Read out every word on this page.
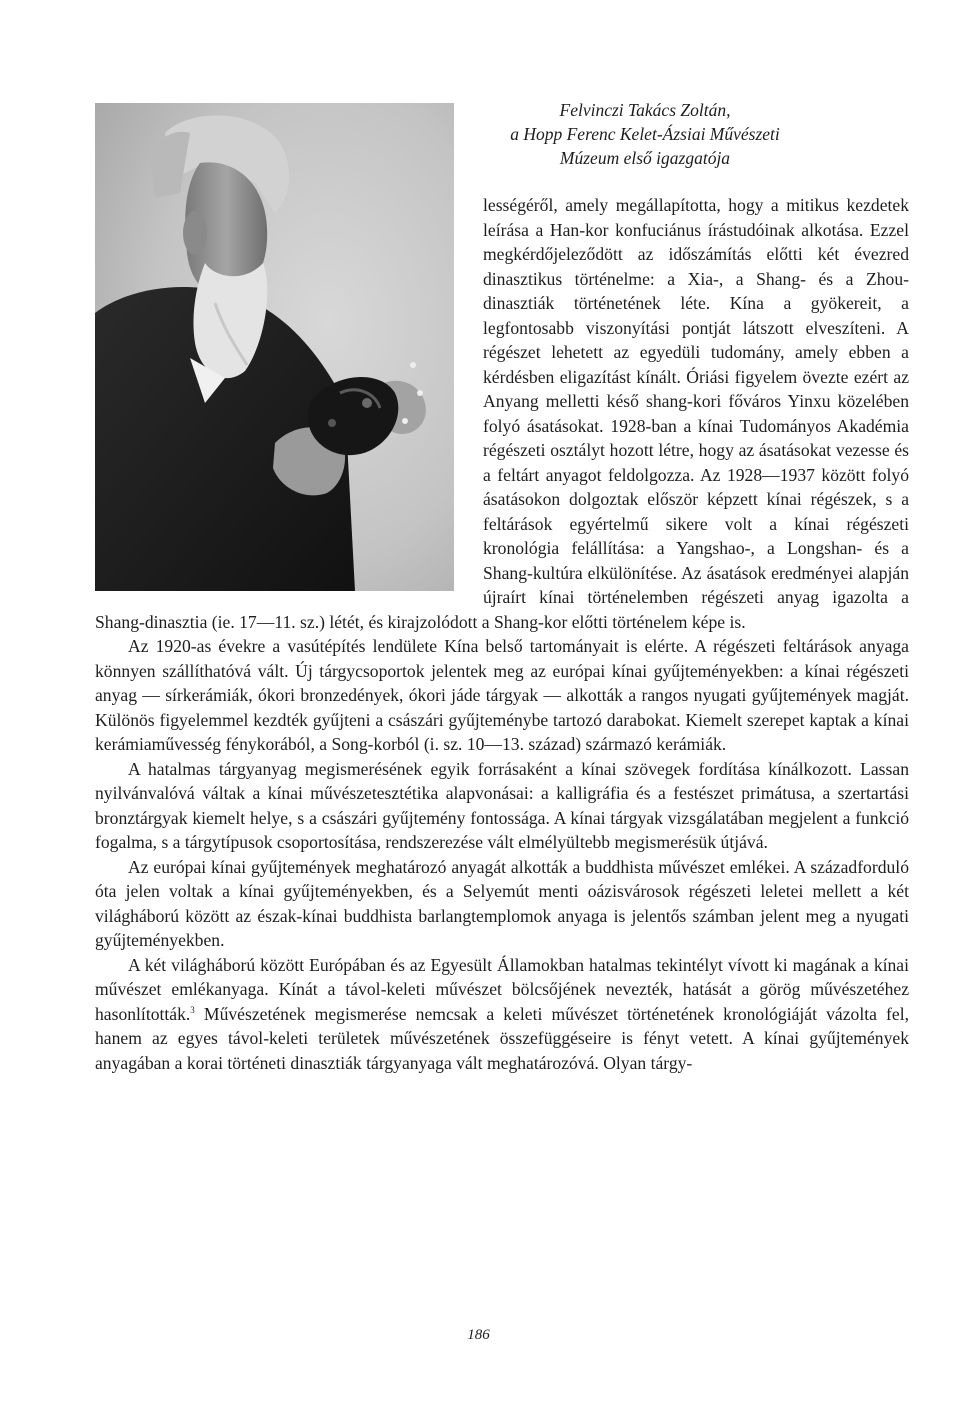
Felvinczi Takács Zoltán,
a Hopp Ferenc Kelet-Ázsiai Művészeti
Múzeum első igazgatója

lességéről, amely megállapította, hogy a mitikus kezdetek leírása a Han-kor konfuciánus írástudóinak alkotása. Ezzel megkérdőjeleződött az időszámítás előtti két évezred dinasztikus történelme: a Xia-, a Shang- és a Zhou-dinasztiák történetének léte. Kína a gyökereit, a legfontosabb viszonyítási pontját látszott elveszíteni. A régészet lehetett az egyedüli tudomány, amely ebben a kérdésben eligazítást kínált. Óriási figyelem övezte ezért az Anyang melletti késő shang-kori főváros Yinxu közelében folyó ásatásokat. 1928-ban a kínai Tudományos Akadémia régészeti osztályt hozott létre, hogy az ásatásokat vezesse és a feltárt anyagot feldolgozza. Az 1928—1937 között folyó ásatásokon dolgoztak először képzett kínai régészek, s a feltárások egyértelmű sikere volt a kínai régészeti kronológia felállítása: a Yangshao-, a Longshan- és a Shang-kultúra elkülönítése. Az ásatások eredményei alapján újraírt kínai történelemben régészeti anyag igazolta a Shang-dinasztia (ie. 17—11. sz.) létét, és kirajzolódott a Shang-kor előtti történelem képe is.

Az 1920-as évekre a vasútépítés lendülete Kína belső tartományait is elérte. A régészeti feltárások anyaga könnyen szállíthatóvá vált. Új tárgycsoportok jelentek meg az európai kínai gyűjteményekben: a kínai régészeti anyag — sírkerámiák, ókori bronzedények, ókori jáde tárgyak — alkották a rangos nyugati gyűjtemények magját. Különös figyelemmel kezdték gyűjteni a császári gyűjteménybe tartozó darabokat. Kiemelt szerepet kaptak a kínai kerámiaművesség fénykorából, a Song-korból (i. sz. 10—13. század) származó kerámiák.

A hatalmas tárgyanyag megismerésének egyik forrásaként a kínai szövegek fordítása kínálkozott. Lassan nyilvánvalóvá váltak a kínai művészetesztétika alapvonásai: a kalligráfia és a festészet primátusa, a szertartási bronztárgyak kiemelt helye, s a császári gyűjtemény fontossága. A kínai tárgyak vizsgálatában megjelent a funkció fogalma, s a tárgytípusok csoportosítása, rendszerezése vált elmélyültebb megismerésük útjává.

Az európai kínai gyűjtemények meghatározó anyagát alkották a buddhista művészet emlékei. A századforduló óta jelen voltak a kínai gyűjteményekben, és a Selyemút menti oázisvárosok régészeti leletei mellett a két világháború között az észak-kínai buddhista barlangtemplomok anyaga is jelentős számban jelent meg a nyugati gyűjteményekben.

A két világháború között Európában és az Egyesült Államokban hatalmas tekintélyt vívott ki magának a kínai művészet emlékanyaga. Kínát a távol-keleti művészet bölcsőjének nevezték, hatását a görög művészetéhez hasonlították.$^3$ Művészetének megismerése nemcsak a keleti művészet történetének kronológiáját vázolta fel, hanem az egyes távol-keleti területek művészetének összefüggéseire is fényt vetett. A kínai gyűjtemények anyagában a korai történeti dinasztiák tárgyanyaga vált meghatározóvá. Olyan tárgy-

186
